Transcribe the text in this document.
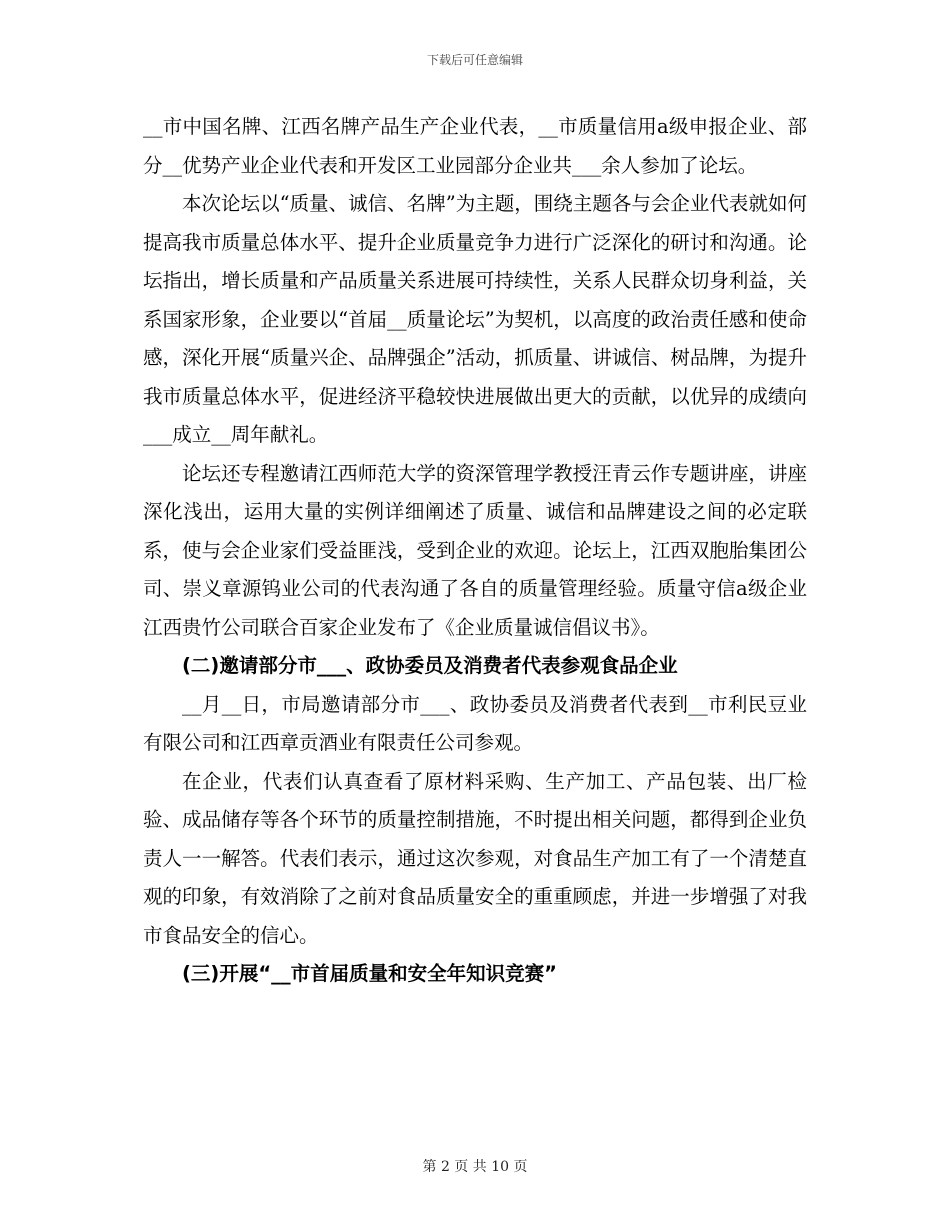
下载后可任意编辑

__市中国名牌、江西名牌产品生产企业代表，__市质量信用a级申报企业、部分__优势产业企业代表和开发区工业园部分企业共___余人参加了论坛。

本次论坛以“质量、诚信、名牌”为主题，围绕主题各与会企业代表就如何提高我市质量总体水平、提升企业质量竞争力进行广泛深化的研讨和沟通。论坛指出，增长质量和产品质量关系进展可持续性，关系人民群众切身利益，关系国家形象，企业要以“首届__质量论坛”为契机，以高度的政治责任感和使命感，深化开展“质量兴企、品牌强企”活动，抓质量、讲诚信、树品牌，为提升我市质量总体水平，促进经济平稳较快进展做出更大的贡献，以优异的成绩向___成立__周年献礼。

论坛还专程邀请江西师范大学的资深管理学教授汪青云作专题讲座，讲座深化浅出，运用大量的实例详细阐述了质量、诚信和品牌建设之间的必定联系，使与会企业家们受益匪浅，受到企业的欢迎。论坛上，江西双胞胎集团公司、崇义章源钨业公司的代表沟通了各自的质量管理经验。质量守信a级企业江西贵竹公司联合百家企业发布了《企业质量诚信倡议书》。

(二)邀请部分市___、政协委员及消费者代表参观食品企业

__月__日，市局邀请部分市___、政协委员及消费者代表到__市利民豆业有限公司和江西章贡酒业有限责任公司参观。

在企业，代表们认真查看了原材料采购、生产加工、产品包装、出厂检验、成品储存等各个环节的质量控制措施，不时提出相关问题，都得到企业负责人一一解答。代表们表示，通过这次参观，对食品生产加工有了一个清楚直观的印象，有效消除了之前对食品质量安全的重重顾虑，并进一步增强了对我市食品安全的信心。

(三)开展“__市首届质量和安全年知识竞赛”

第 2 页 共 10 页
